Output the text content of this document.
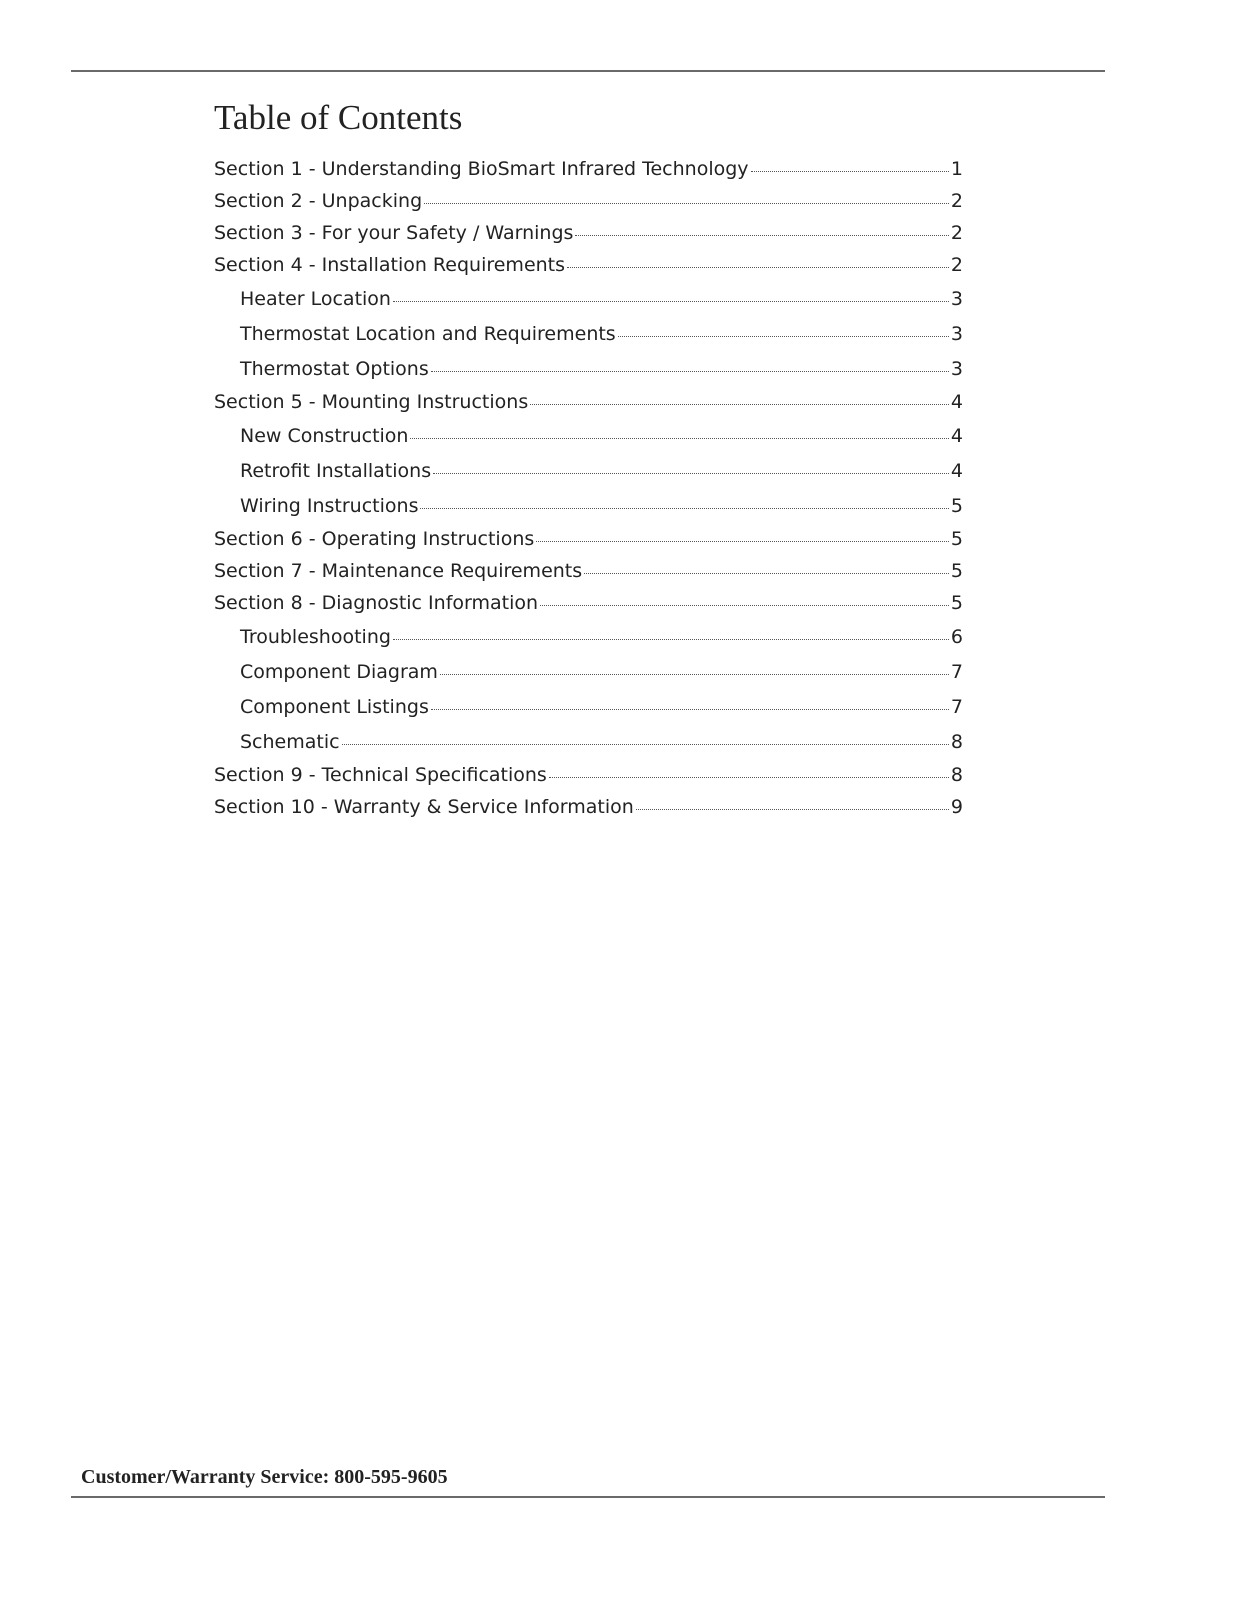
Table of Contents
Section 1 - Understanding BioSmart Infrared Technology	1
Section 2 - Unpacking	2
Section 3 - For your Safety / Warnings	2
Section 4 - Installation Requirements	2
Heater Location	3
Thermostat Location and Requirements	3
Thermostat Options	3
Section 5 - Mounting Instructions	4
New Construction	4
Retrofit Installations	4
Wiring Instructions	5
Section 6 - Operating Instructions	5
Section 7 - Maintenance Requirements	5
Section 8 - Diagnostic Information	5
Troubleshooting	6
Component Diagram	7
Component Listings	7
Schematic	8
Section 9 - Technical Specifications	8
Section 10 - Warranty & Service Information	9
Customer/Warranty Service: 800-595-9605
